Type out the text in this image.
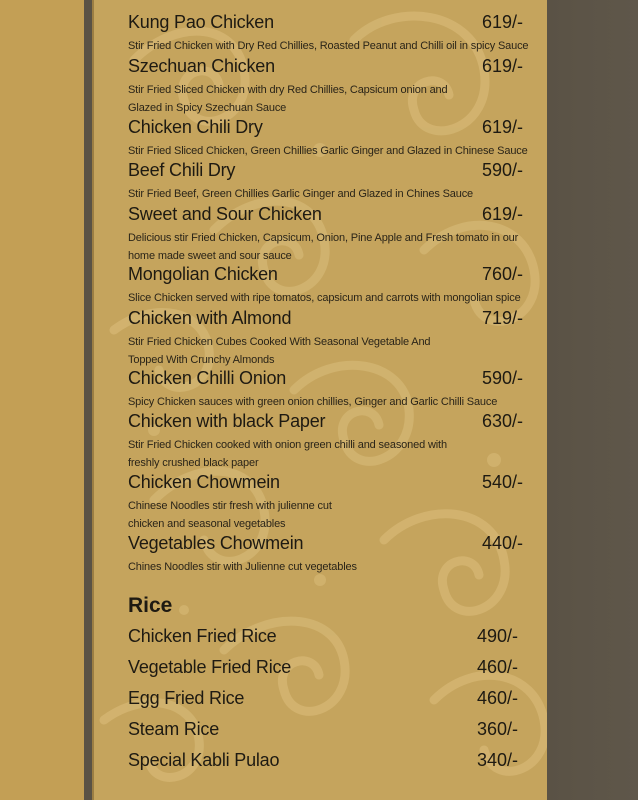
Kung Pao Chicken	619/-
Stir Fried Chicken with Dry Red Chillies, Roasted Peanut and Chilli oil in spicy Sauce
Szechuan Chicken	619/-
Stir Fried Sliced Chicken with dry Red Chillies, Capsicum onion and Glazed in Spicy Szechuan Sauce
Chicken Chili Dry	619/-
Stir Fried Sliced Chicken, Green Chillies Garlic Ginger and Glazed in Chinese Sauce
Beef Chili Dry	590/-
Stir Fried Beef, Green Chillies Garlic Ginger and Glazed in Chines Sauce
Sweet and Sour Chicken	619/-
Delicious stir Fried Chicken, Capsicum, Onion, Pine Apple and Fresh tomato in our home made sweet and sour sauce
Mongolian Chicken	760/-
Slice Chicken served with ripe tomatos, capsicum and carrots with mongolian spice
Chicken with Almond	719/-
Stir Fried Chicken Cubes Cooked With Seasonal Vegetable And Topped With Crunchy Almonds
Chicken Chilli Onion	590/-
Spicy Chicken sauces with green onion chillies, Ginger and Garlic Chilli Sauce
Chicken with black Paper	630/-
Stir Fried Chicken cooked with onion green chilli and seasoned with freshly crushed black paper
Chicken Chowmein	540/-
Chinese Noodles stir fresh with julienne cut chicken and seasonal vegetables
Vegetables Chowmein	440/-
Chines Noodles stir with Julienne cut vegetables
Rice
Chicken Fried Rice	490/-
Vegetable Fried Rice	460/-
Egg Fried Rice	460/-
Steam Rice	360/-
Special Kabli Pulao	340/-
